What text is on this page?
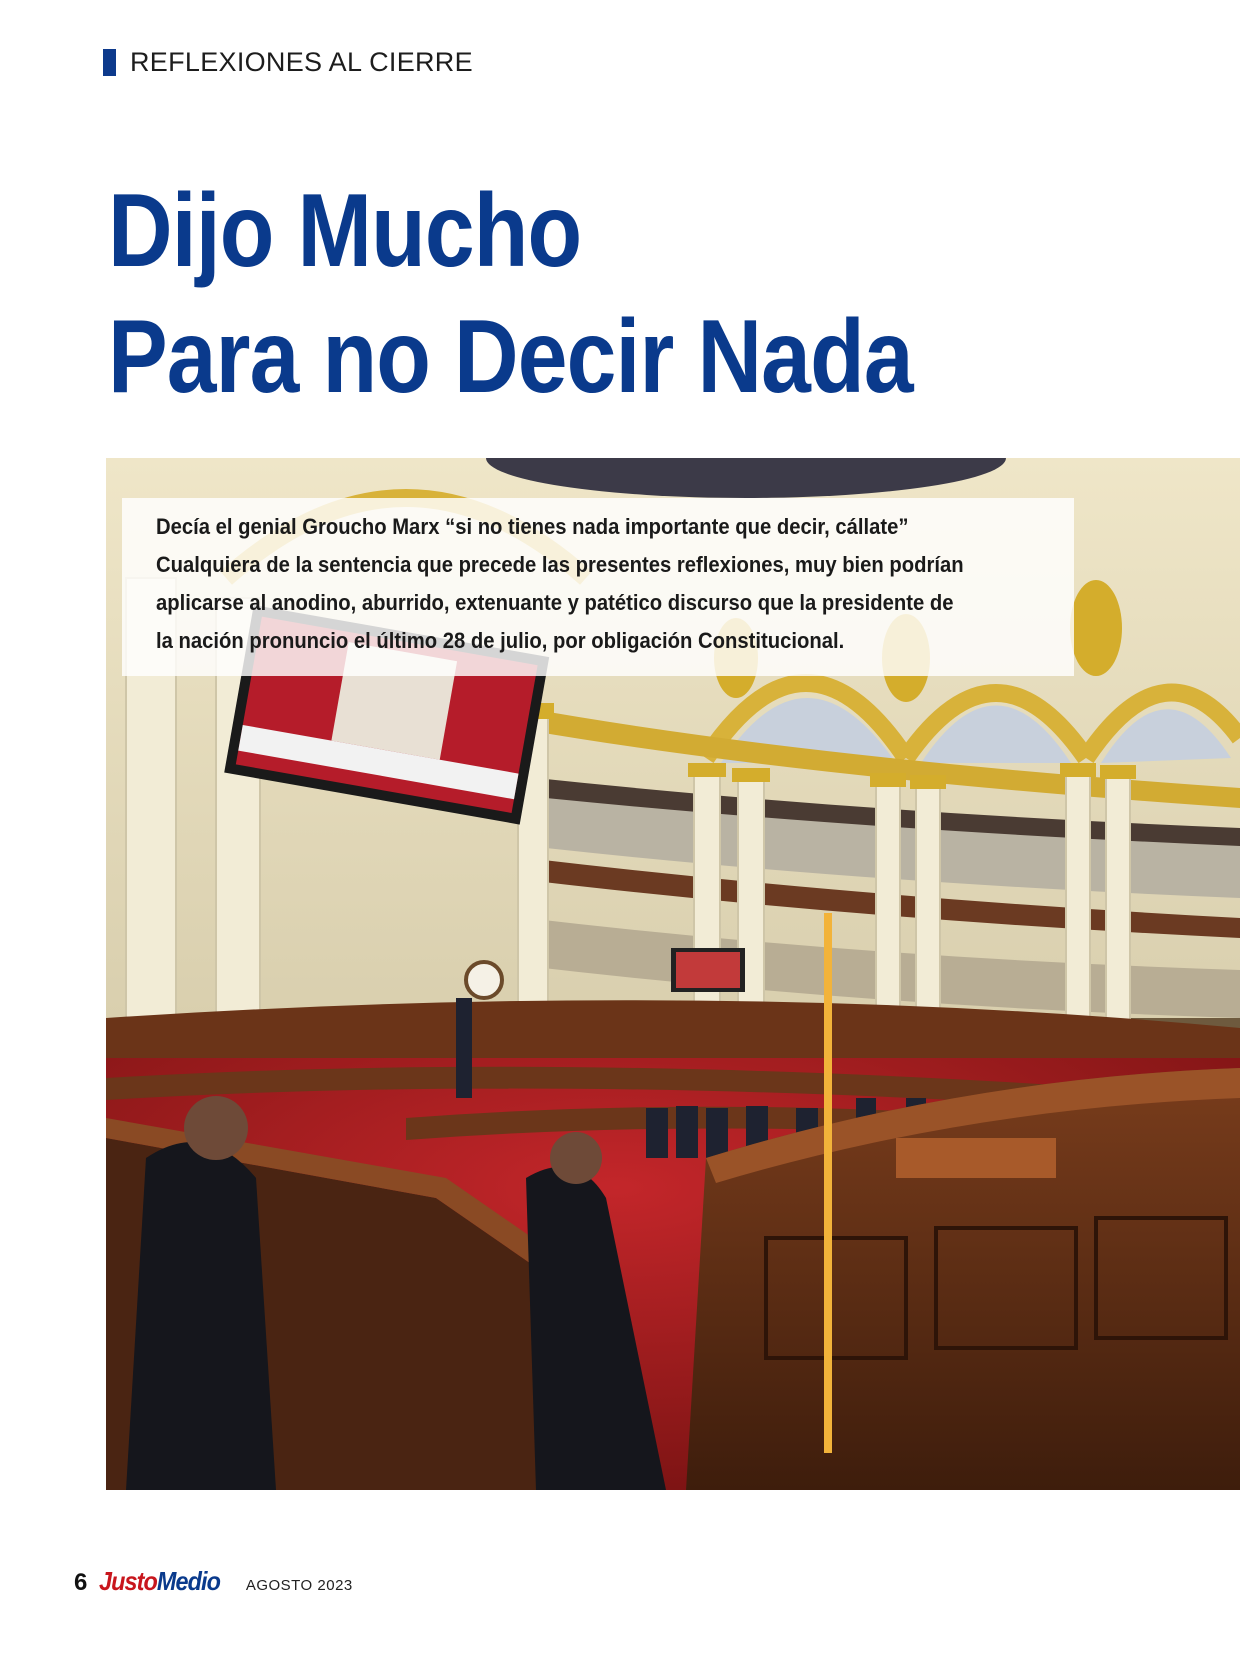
REFLEXIONES AL CIERRE
Dijo Mucho
Para no Decir Nada

Decía el genial Groucho Marx “si no tienes nada importante que decir, cállate”
Cualquiera de la sentencia que precede las presentes reflexiones, muy bien podrían
aplicarse al anodino, aburrido, extenuante y patético discurso que la presidente de
la nación pronuncio el último 28 de julio, por obligación Constitucional.

6 Justo Medio AGOSTO 2023
